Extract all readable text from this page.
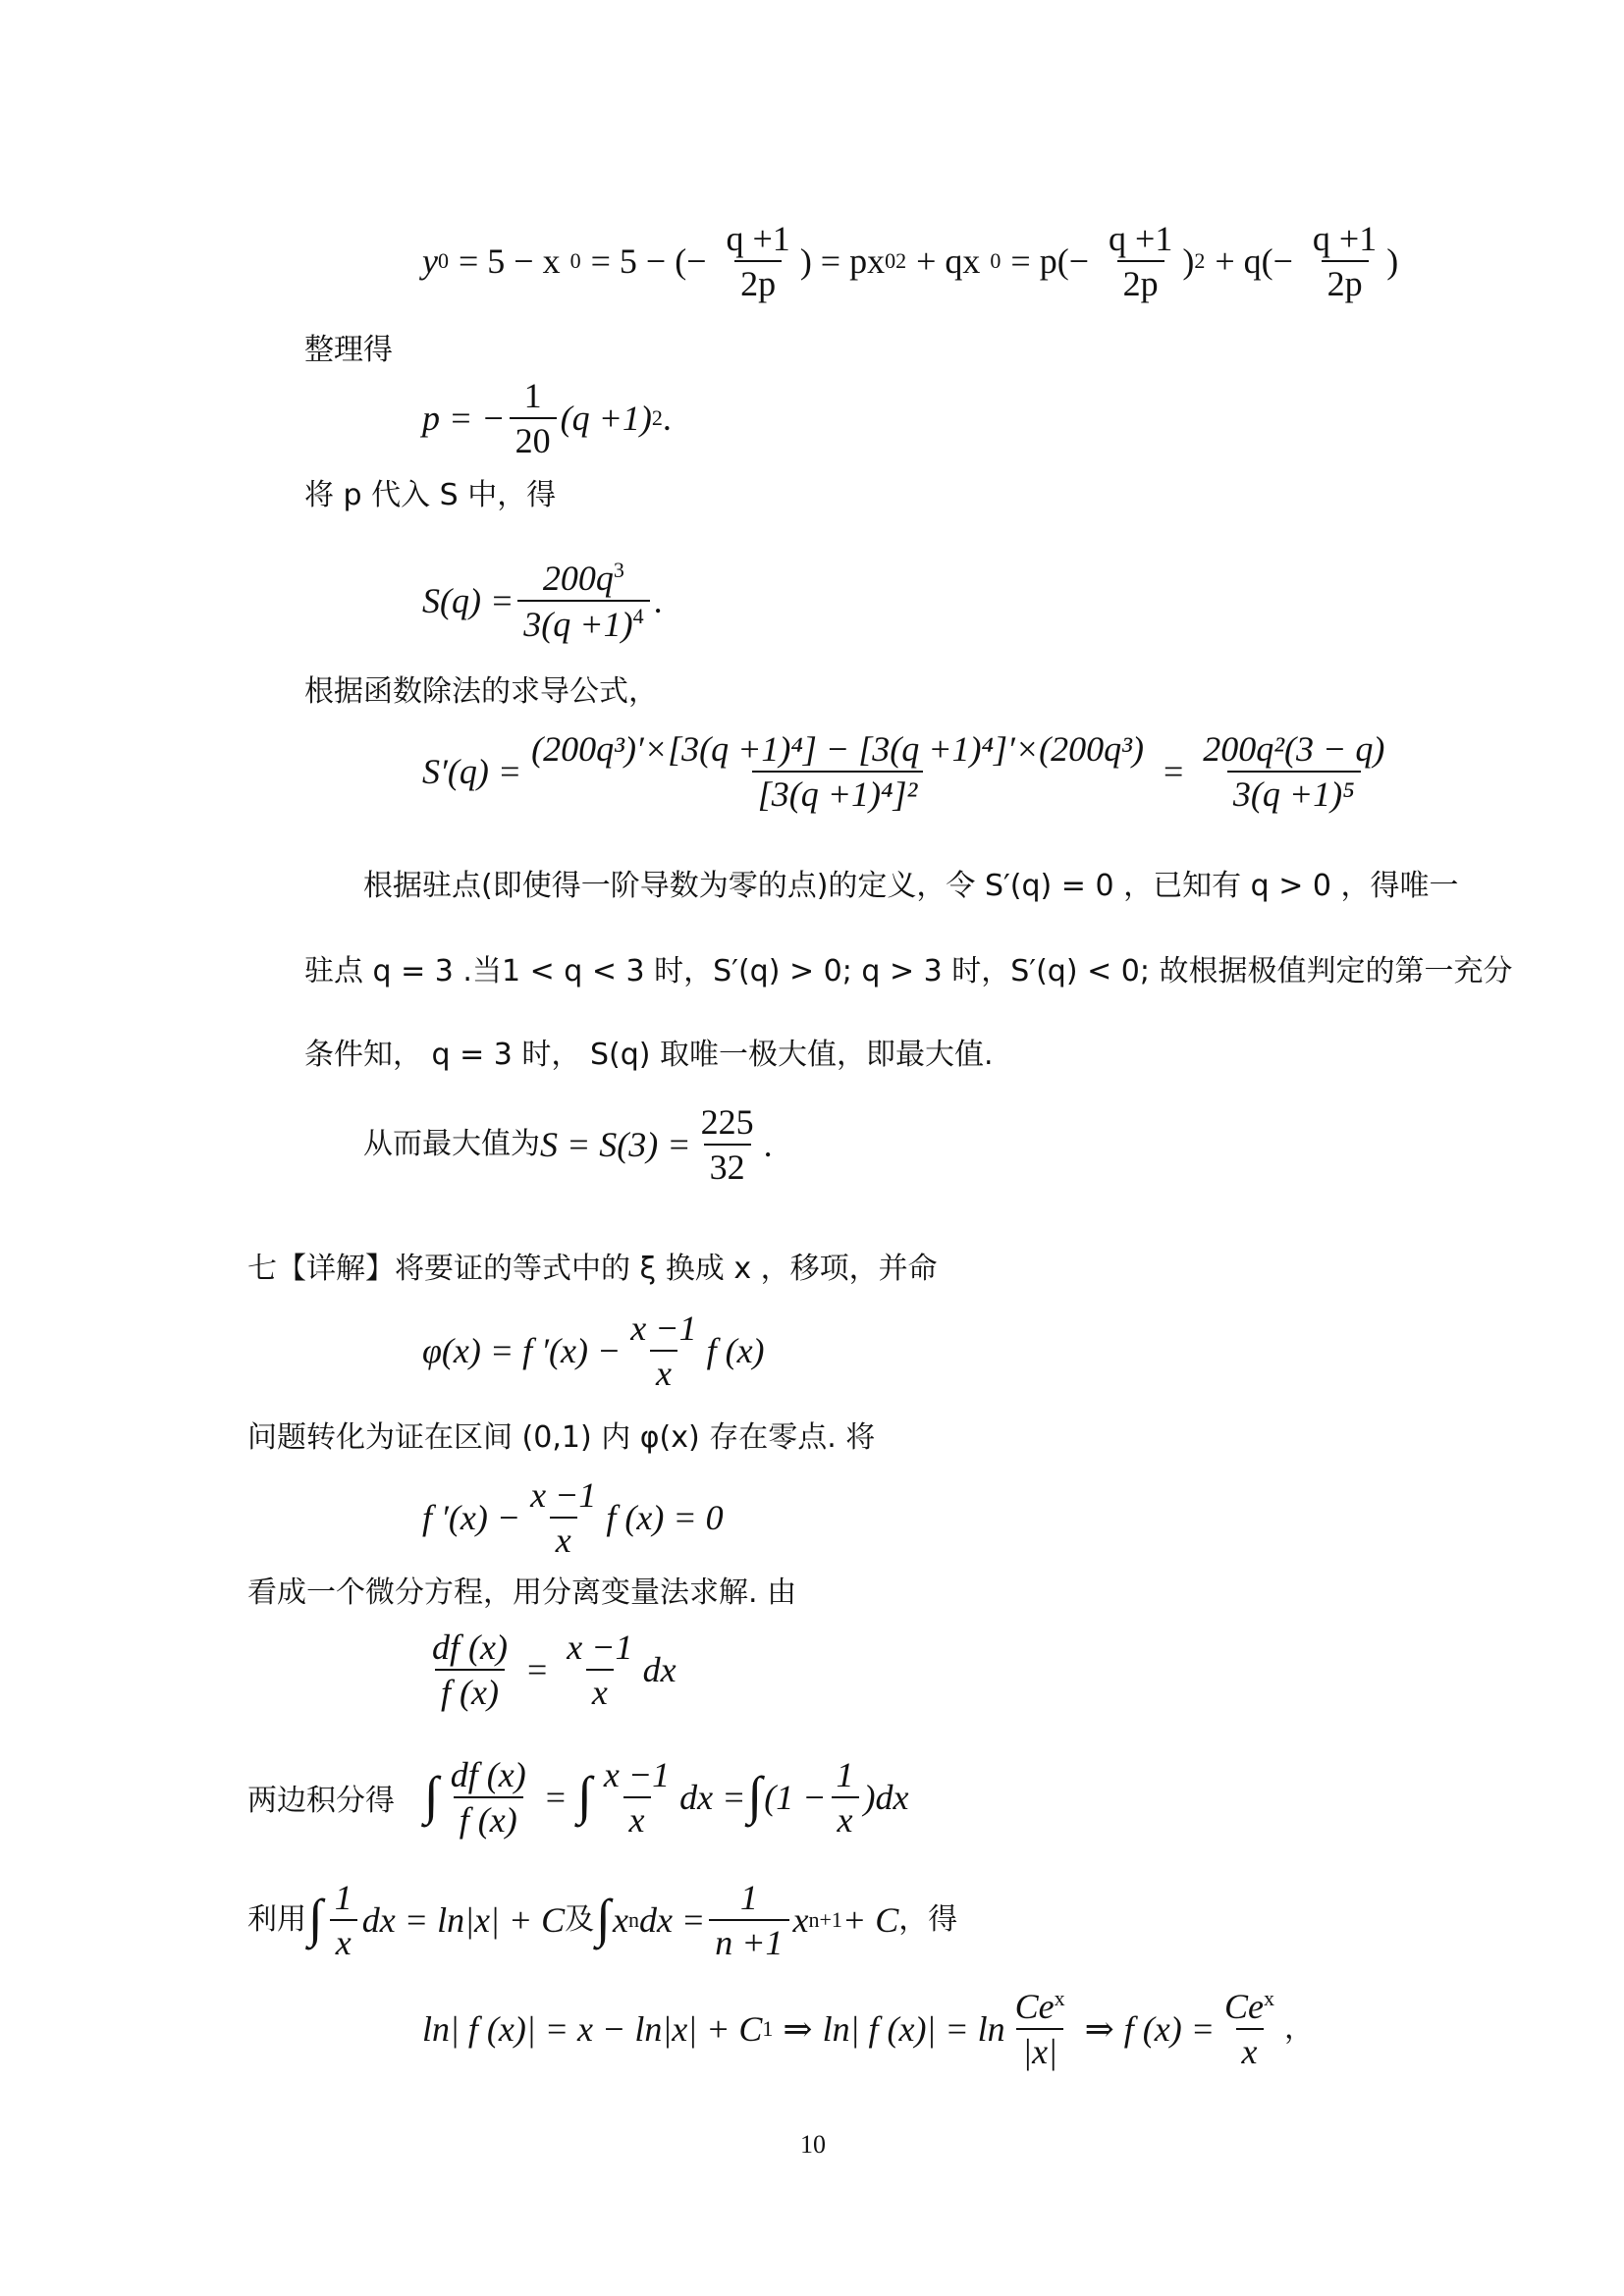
y 0 = 5 − x 0 = 5 − (− $\frac{q +1}{2p}$ ) = px 0 2 + qx $0 = p(- \frac{q +1}{2p}$ ) $2 + q(- \frac{q +1}{2p}$ )
整理得
p = − $\frac{1}{20} (q +1)$ 2 .
将 p 代入 S 中，得
$S(q) = \frac{200q^3}{3(q +1)^4}$ .
根据函数除法的求导公式，
$S'(q) = \frac{\text{(200q³)′×[3(q +1)⁴] − [3(q +1)⁴]′×(200q³)}}{\text{[3(q +1)⁴]²}} = \frac{\text{200q²(3 − q)}}{\text{3(q +1)⁵}}$
根据驻点(即使得一阶导数为零的点)的定义，令 S′(q) = 0 ，已知有 q > 0 ，得唯一
驻点 q = 3 .当1 < q < 3 时，S′(q) > 0; q > 3 时，S′(q) < 0; 故根据极值判定的第一充分
条件知， q = 3 时， S(q) 取唯一极大值，即最大值.
从而最大值为 $S = S(3) = \frac{225}{32}$ .
七【详解】将要证的等式中的 ξ 换成 x ，移项，并命
φ(x) = f $'(x) - \frac{x -1}{x}$ f (x)
问题转化为证在区间 (0,1) 内 φ(x) 存在零点. 将
f $'(x) - \frac{x -1}{x}$ f (x) = 0
看成一个微分方程，用分离变量法求解. 由
$\frac{df (x)}{f (x)} = \frac{x -1}{x}$ dx
两边积分得 ∫ $\frac{df (x)}{f (x)}$ = ∫ $\frac{x -1}{x}$ dx = ∫ $(1 - \frac{1}{x} )dx$
利用 ∫ $\frac{1}{x}$ dx = ln|x| + C 及 ∫ x n dx = $\frac{1}{n +1}$ x n+1 + C ，得
ln| f (x)| = x − ln|x| + C 1 ⇒ ln| f $(x)| = \ln \frac{Ce^x}{|x|}$ ⇒ f $(x) = \frac{Ce^x}{x}$ ，
10
